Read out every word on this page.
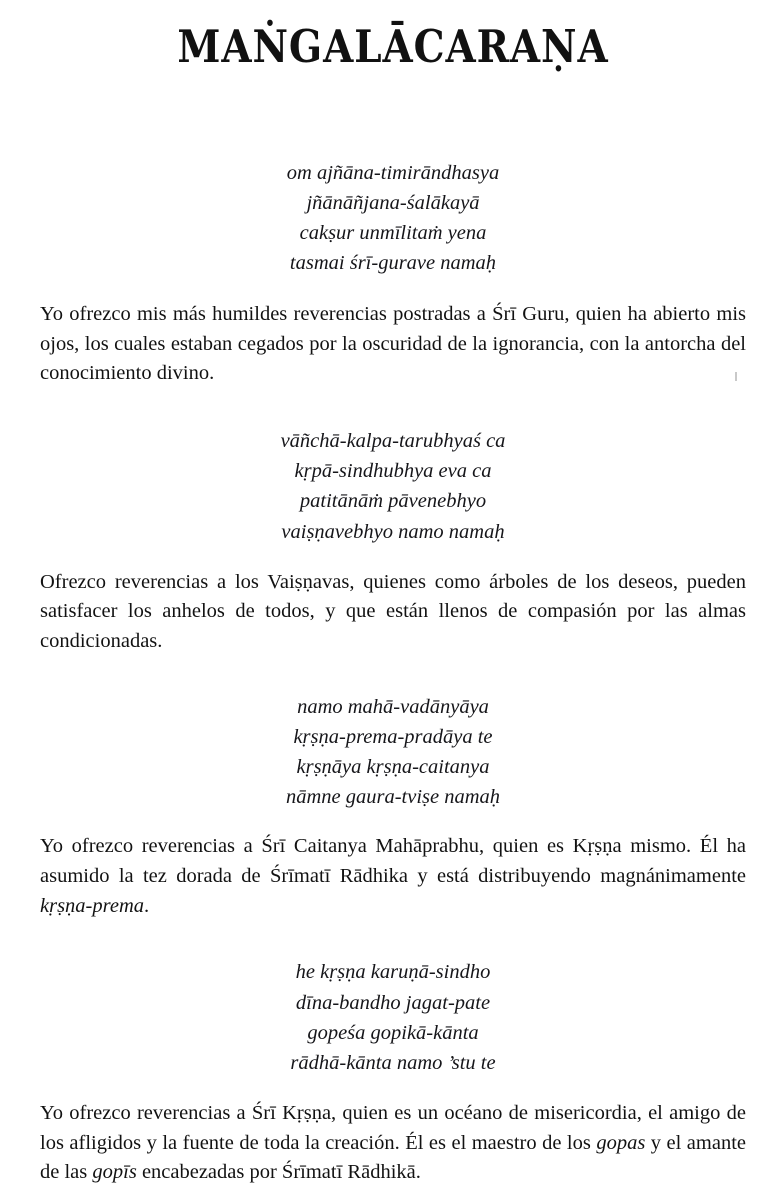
MAṄGALĀCARAṆA
om ajñāna-timirāndhasya
jñānāñjana-śalākayā
cakṣur unmīlitaṁ yena
tasmai śrī-gurave namaḥ

Yo ofrezco mis más humildes reverencias postradas a Śrī Guru, quien ha abierto mis ojos, los cuales estaban cegados por la oscuridad de la ignorancia, con la antorcha del conocimiento divino.

vāñchā-kalpa-tarubhyaś ca
kṛpā-sindhubhya eva ca
patitānāṁ pāvenebhyo
vaiṣṇavebhyo namo namaḥ

Ofrezco reverencias a los Vaiṣṇavas, quienes como árboles de los deseos, pueden satisfacer los anhelos de todos, y que están llenos de compasión por las almas condicionadas.

namo mahā-vadānyāya
kṛṣṇa-prema-pradāya te
kṛṣṇāya kṛṣṇa-caitanya
nāmne gaura-tviṣe namaḥ

Yo ofrezco reverencias a Śrī Caitanya Mahāprabhu, quien es Kṛṣṇa mismo. Él ha asumido la tez dorada de Śrīmatī Rādhika y está distribuyendo magnánimamente kṛṣṇa-prema.

he kṛṣṇa karuṇā-sindho
dīna-bandho jagat-pate
gopeśa gopikā-kānta
rādhā-kānta namo ’stu te

Yo ofrezco reverencias a Śrī Kṛṣṇa, quien es un océano de misericordia, el amigo de los afligidos y la fuente de toda la creación. Él es el maestro de los gopas y el amante de las gopīs encabezadas por Śrīmatī Rādhikā.
